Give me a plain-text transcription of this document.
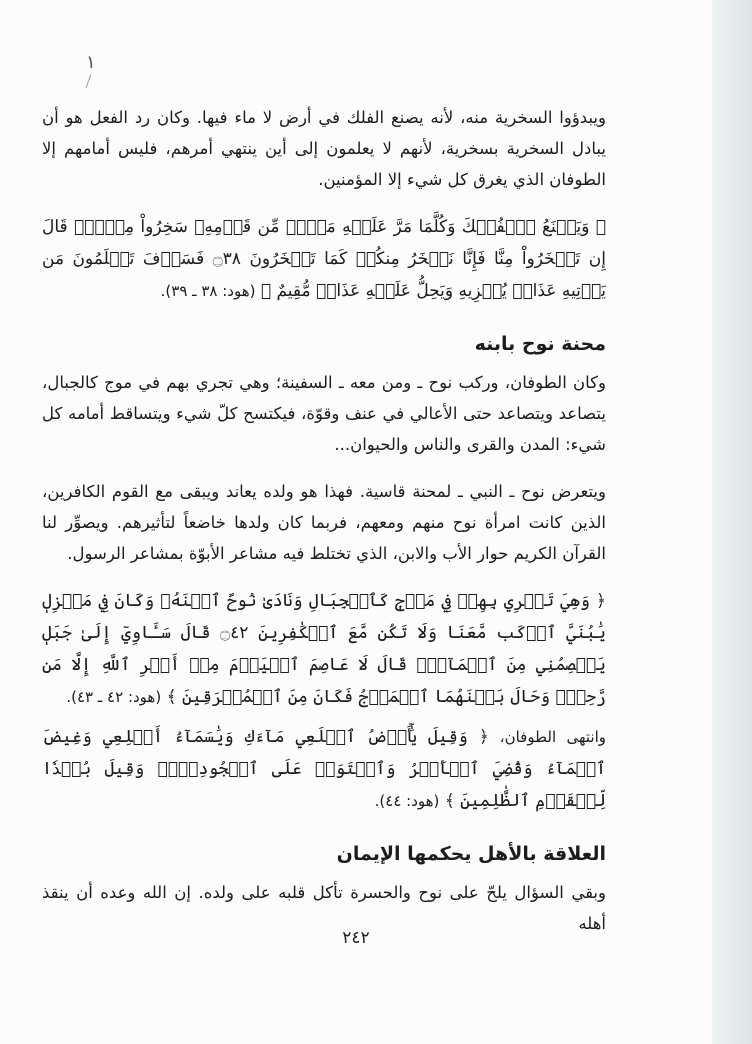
١

ويبدؤوا السخرية منه، لأنه يصنع الفلك في أرض لا ماء فيها. وكان رد الفعل هو أن يبادل السخرية بسخرية، لأنهم لا يعلمون إلى أين ينتهي أمرهم، فليس أمامهم إلا الطوفان الذي يغرق كل شيء إلا المؤمنين.

﴿ وَيَصۡنَعُ ٱلۡفُلۡكَ وَكُلَّمَا مَرَّ عَلَيۡهِ مَلَأٞ مِّن قَوۡمِهِۦ سَخِرُواْ مِنۡهُۚ قَالَ إِن تَسۡخَرُواْ مِنَّا فَإِنَّا نَسۡخَرُ مِنكُمۡ كَمَا تَسۡخَرُونَ ۝٣٨ فَسَوۡفَ تَعۡلَمُونَ مَن يَأۡتِيهِ عَذَابٞ يُخۡزِيهِ وَيَحِلُّ عَلَيۡهِ عَذَابٞ مُّقِيمٌ ﴾ (هود: ٣٨ ـ ٣٩).

محنة نوح بابنه

وكان الطوفان، وركب نوح ـ ومن معه ـ السفينة؛ وهي تجري بهم في موج كالجبال، يتصاعد ويتصاعد حتى الأعالي في عنف وقوّة، فيكتسح كلّ شيء ويتساقط أمامه كل شيء: المدن والقرى والناس والحيوان...

ويتعرض نوح ـ النبي ـ لمحنة قاسية. فهذا هو ولده يعاند ويبقى مع القوم الكافرين، الذين كانت امرأة نوح منهم ومعهم، فربما كان ولدها خاضعاً لتأثيرهم. ويصوِّر لنا القرآن الكريم حوار الأب والابن، الذي تختلط فيه مشاعر الأبوّة بمشاعر الرسول.

﴿ وَهِيَ تَجۡرِي بِهِمۡ فِي مَوۡجٖ كَٱلۡجِبَالِ وَنَادَىٰ نُوحٌ ٱبۡنَهُۥ وَكَانَ فِي مَعۡزِلٖ يَٰبُنَيَّ ٱرۡكَب مَّعَنَا وَلَا تَكُن مَّعَ ٱلۡكَٰفِرِينَ ۝٤٢ قَالَ سَـَٔاوِيٓ إِلَىٰ جَبَلٖ يَعۡصِمُنِي مِنَ ٱلۡمَآءِۚ قَالَ لَا عَاصِمَ ٱلۡيَوۡمَ مِنۡ أَمۡرِ ٱللَّهِ إِلَّا مَن رَّحِمَۚ وَحَالَ بَيۡنَهُمَا ٱلۡمَوۡجُ فَكَانَ مِنَ ٱلۡمُغۡرَقِينَ ﴾ (هود: ٤٢ ـ ٤٣).

وانتهى الطوفان، ﴿ وَقِيلَ يَٰٓأَرۡضُ ٱبۡلَعِي مَآءَكِ وَيَٰسَمَآءُ أَقۡلِعِي وَغِيضَ ٱلۡمَآءُ وَقُضِيَ ٱلۡأَمۡرُ وَٱسۡتَوَتۡ عَلَى ٱلۡجُودِيِّۖ وَقِيلَ بُعۡدٗا لِّلۡقَوۡمِ ٱلظَّٰلِمِينَ ﴾ (هود: ٤٤).

العلاقة بالأهل يحكمها الإيمان

وبقي السؤال يلحّ على نوح والحسرة تأكل قلبه على ولده. إن الله وعده أن ينقذ أهله

٢٤٢
